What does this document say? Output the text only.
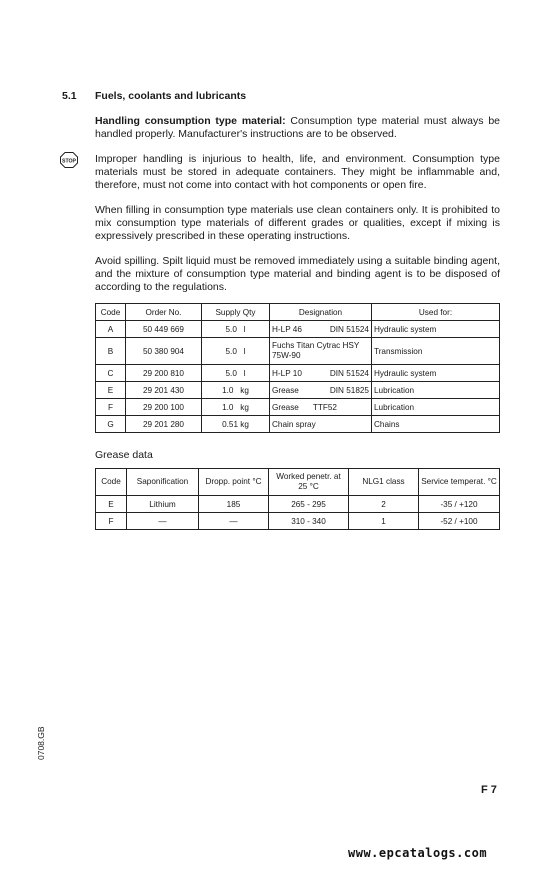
5.1 Fuels, coolants and lubricants
Handling consumption type material: Consumption type material must always be handled properly. Manufacturer's instructions are to be observed.
STOP Improper handling is injurious to health, life, and environment. Consumption type materials must be stored in adequate containers. They might be inflammable and, therefore, must not come into contact with hot components or open fire.
When filling in consumption type materials use clean containers only. It is prohibited to mix consumption type materials of different grades or qualities, except if mixing is expressively prescribed in these operating instructions.
Avoid spilling. Spilt liquid must be removed immediately using a suitable binding agent, and the mixture of consumption type material and binding agent is to be disposed of according to the regulations.
Code	Order No.	Supply Qty	Designation	Used for:
A	50 449 669	5.0   l	H-LP 46 DIN 51524	Hydraulic system
B	50 380 904	5.0   l	Fuchs Titan Cytrac HSY 75W-90	Transmission
C	29 200 810	5.0   l	H-LP 10 DIN 51524	Hydraulic system
E	29 201 430	1.0   kg	Grease DIN 51825	Lubrication
F	29 200 100	1.0   kg	Grease TTF52	Lubrication
G	29 201 280	0.51 kg	Chain spray	Chains
Grease data
Code	Saponification	Dropp. point °C	Worked penetr. at 25 °C	NLG1 class	Service temperat. °C
E	Lithium	185	265 - 295	2	-35 / +120
F	—	—	310 - 340	1	-52 / +100
0708.GB
F 7
www.epcatalogs.com
